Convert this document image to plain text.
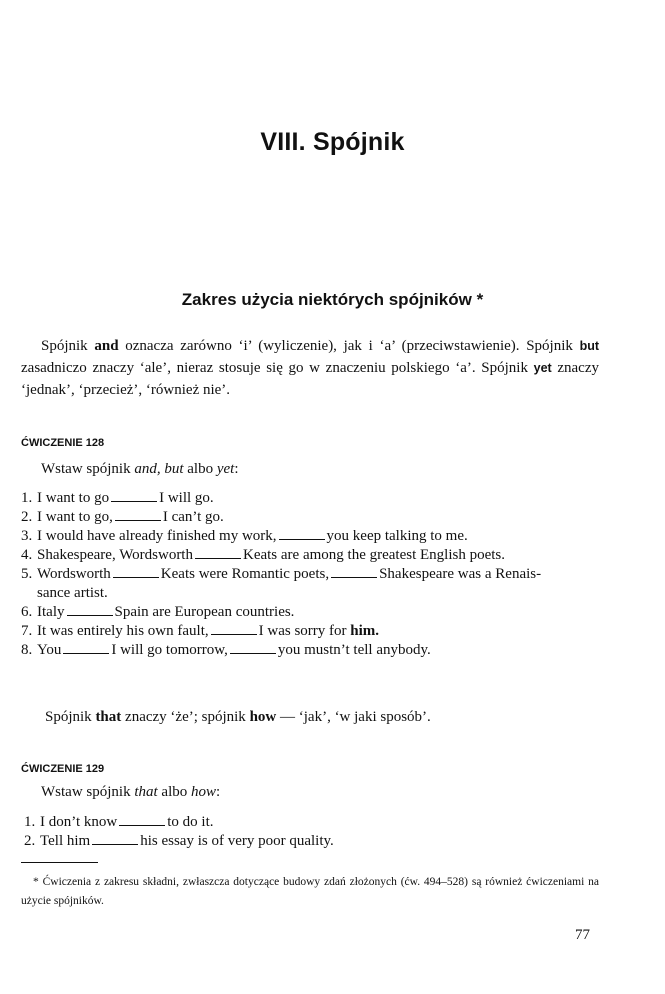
VIII. Spójnik
Zakres użycia niektórych spójników *
Spójnik and oznacza zarówno ‘i’ (wyliczenie), jak i ‘a’ (przeciwstawienie). Spójnik but zasadniczo znaczy ‘ale’, nieraz stosuje się go w znaczeniu polskiego ‘a’. Spójnik yet znaczy ‘jednak’, ‘przecież’, ‘również nie’.
ĆWICZENIE 128
Wstaw spójnik and, but albo yet:
1. I want to go	I will go.
2. I want to go,	I can’t go.
3. I would have already finished my work,	you keep talking to me.
4. Shakespeare, Wordsworth	Keats are among the greatest English poets.
5. Wordsworth	Keats were Romantic poets,	Shakespeare was a Renais-
sance artist.
6. Italy	Spain are European countries.
7. It was entirely his own fault,	I was sorry for him.
8. You	I will go tomorrow,	you mustn’t tell anybody.
Spójnik that znaczy ‘że’; spójnik how — ‘jak’, ‘w jaki sposób’.
ĆWICZENIE 129
Wstaw spójnik that albo how:
1. I don’t know	to do it.
2. Tell him	his essay is of very poor quality.
* Ćwiczenia z zakresu składni, zwłaszcza dotyczące budowy zdań złożonych (ćw. 494–528) są również ćwiczeniami na użycie spójników.
77
